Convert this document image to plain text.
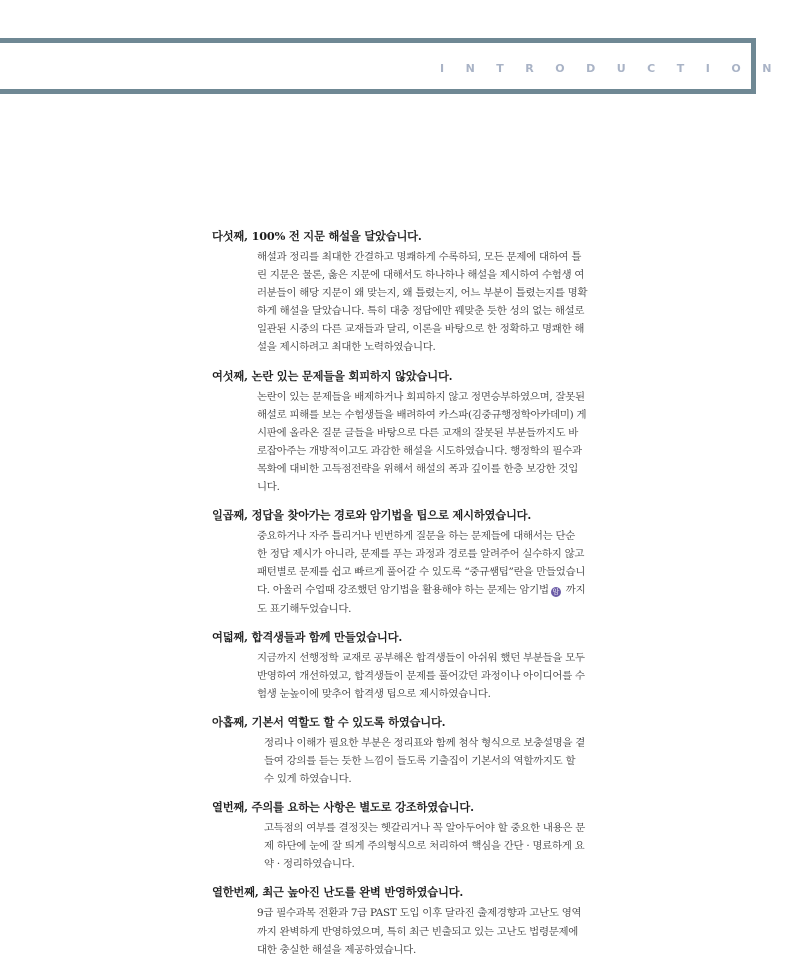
INTRODUCTION
다섯째, 100% 전 지문 해설을 달았습니다.
해설과 정리를 최대한 간결하고 명쾌하게 수록하되, 모든 문제에 대하여 틀
린 지문은 물론, 옳은 지문에 대해서도 하나하나 해설을 제시하여 수험생 여
러분들이 해당 지문이 왜 맞는지, 왜 틀렸는지, 어느 부분이 틀렸는지를 명확
하게 해설을 달았습니다. 특히 대충 정답에만 꿰맞춘 듯한 성의 없는 해설로
일관된 시중의 다른 교재들과 달리, 이론을 바탕으로 한 정확하고 명쾌한 해
설을 제시하려고 최대한 노력하였습니다.
여섯째, 논란 있는 문제들을 회피하지 않았습니다.
논란이 있는 문제들을 배제하거나 회피하지 않고 정면승부하였으며, 잘못된
해설로 피해를 보는 수험생들을 배려하여 카스파(김중규행정학아카데미) 게
시판에 올라온 질문 글들을 바탕으로 다른 교재의 잘못된 부분들까지도 바
로잡아주는 개방적이고도 과감한 해설을 시도하였습니다. 행정학의 필수과
목화에 대비한 고득점전략을 위해서 해설의 폭과 깊이를 한층 보강한 것입
니다.
일곱째, 정답을 찾아가는 경로와 암기법을 팁으로 제시하였습니다.
중요하거나 자주 틀리거나 빈번하게 질문을 하는 문제들에 대해서는 단순
한 정답 제시가 아니라, 문제를 푸는 과정과 경로를 알려주어 실수하지 않고
패턴별로 문제를 쉽고 빠르게 풀어갈 수 있도록 “중규쌤팁”란을 만들었습니
다. 아울러 수업때 강조했던 암기법을 활용해야 하는 문제는 암기법 암 까지
도 표기해두었습니다.
여덟째, 합격생들과 함께 만들었습니다.
지금까지 선행정학 교재로 공부해온 합격생들이 아쉬워 했던 부분들을 모두
반영하여 개선하였고, 합격생들이 문제를 풀어갔던 과정이나 아이디어를 수
험생 눈높이에 맞추어 합격생 팁으로 제시하였습니다.
아홉째, 기본서 역할도 할 수 있도록 하였습니다.
정리나 이해가 필요한 부분은 정리표와 함께 첨삭 형식으로 보충설명을 곁
들여 강의를 듣는 듯한 느낌이 들도록 기출집이 기본서의 역할까지도 할
수 있게 하였습니다.
열번째, 주의를 요하는 사항은 별도로 강조하였습니다.
고득점의 여부를 결정짓는 헷갈리거나 꼭 알아두어야 할 중요한 내용은 문
제 하단에 눈에 잘 띄게 주의형식으로 처리하여 핵심을 간단 · 명료하게 요
약 · 정리하였습니다.
열한번째, 최근 높아진 난도를 완벽 반영하였습니다.
9급 필수과목 전환과 7급 PAST 도입 이후 달라진 출제경향과 고난도 영역
까지 완벽하게 반영하였으며, 특히 최근 빈출되고 있는 고난도 법령문제에
대한 충실한 해설을 제공하였습니다.
